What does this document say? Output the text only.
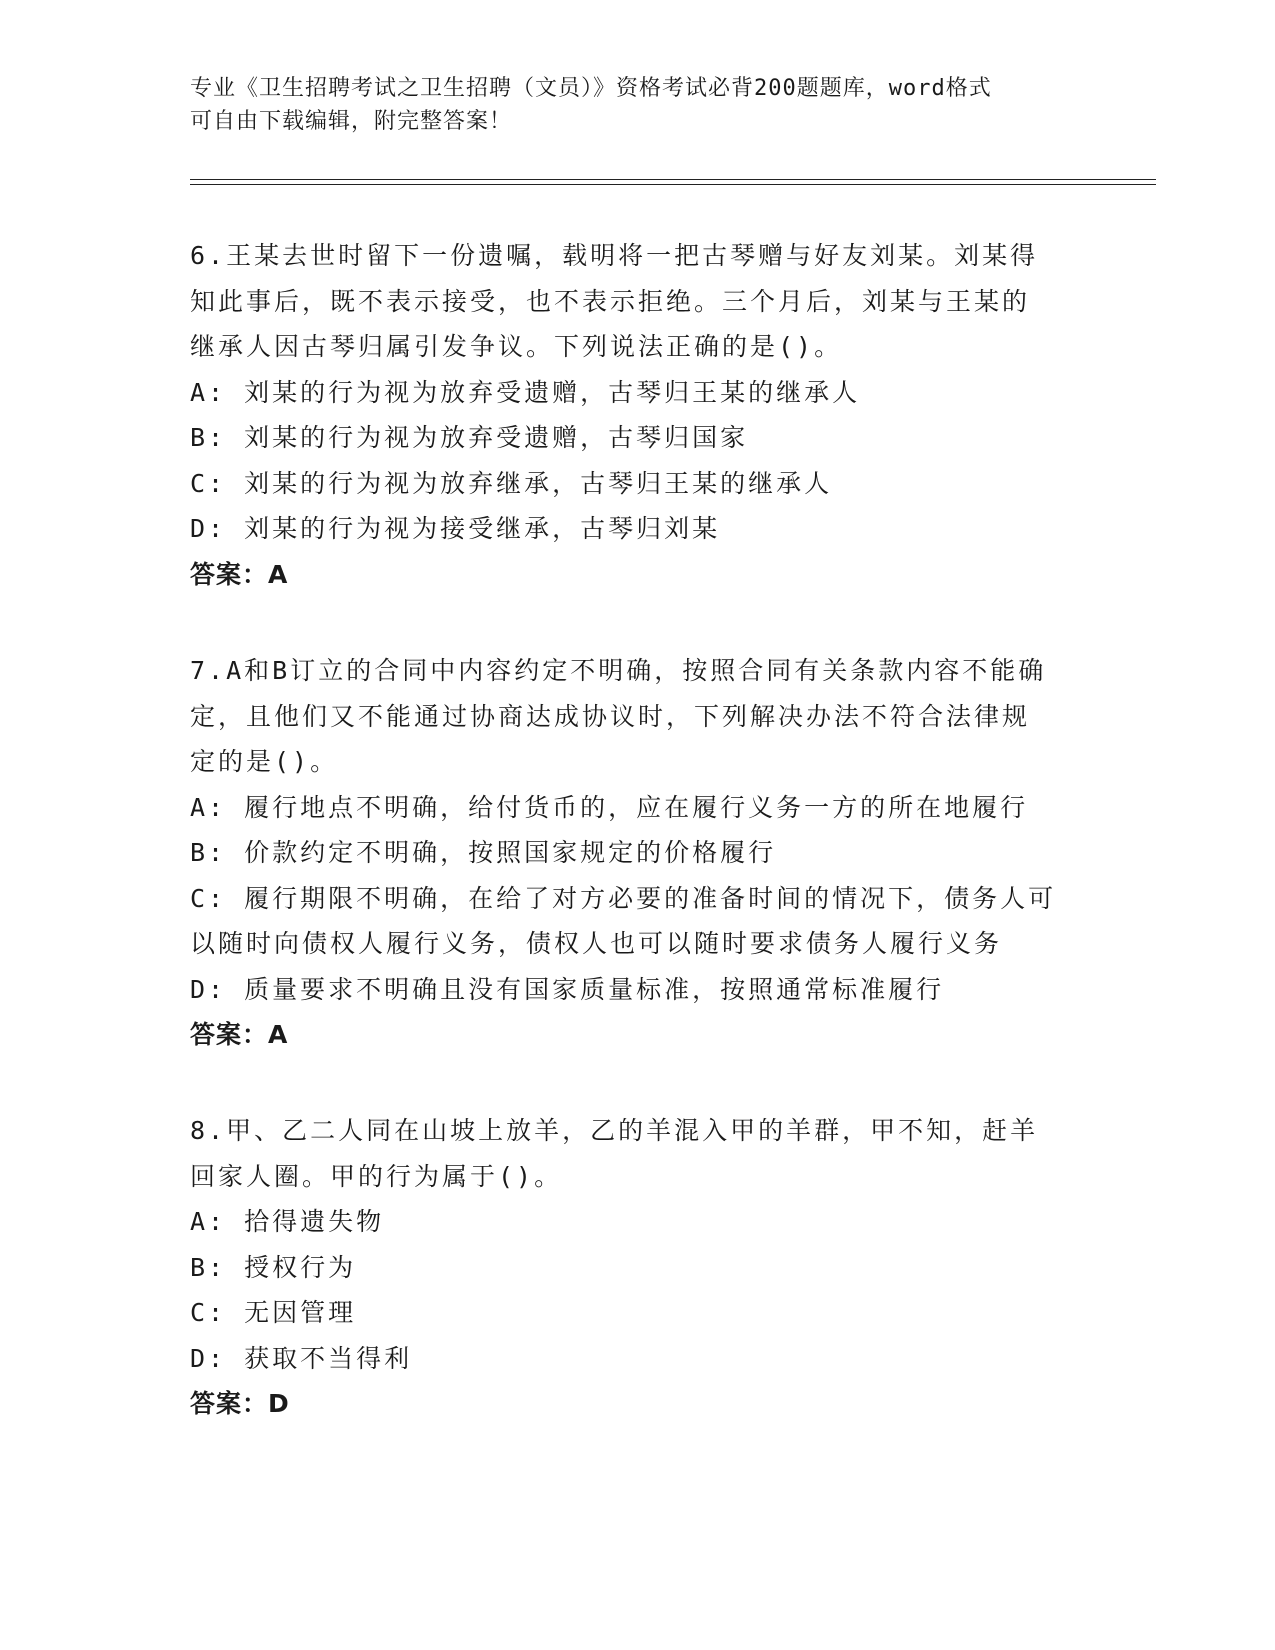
专业《卫生招聘考试之卫生招聘（文员）》资格考试必背200题题库，word格式
可自由下载编辑，附完整答案！
6.王某去世时留下一份遗嘱，载明将一把古琴赠与好友刘某。刘某得
知此事后，既不表示接受，也不表示拒绝。三个月后，刘某与王某的
继承人因古琴归属引发争议。下列说法正确的是()。
A: 刘某的行为视为放弃受遗赠，古琴归王某的继承人
B: 刘某的行为视为放弃受遗赠，古琴归国家
C: 刘某的行为视为放弃继承，古琴归王某的继承人
D: 刘某的行为视为接受继承，古琴归刘某
答案：A
7.A和B订立的合同中内容约定不明确，按照合同有关条款内容不能确
定，且他们又不能通过协商达成协议时，下列解决办法不符合法律规
定的是()。
A: 履行地点不明确，给付货币的，应在履行义务一方的所在地履行
B: 价款约定不明确，按照国家规定的价格履行
C: 履行期限不明确，在给了对方必要的准备时间的情况下，债务人可
以随时向债权人履行义务，债权人也可以随时要求债务人履行义务
D: 质量要求不明确且没有国家质量标准，按照通常标准履行
答案：A
8.甲、乙二人同在山坡上放羊，乙的羊混入甲的羊群，甲不知，赶羊
回家人圈。甲的行为属于()。
A: 拾得遗失物
B: 授权行为
C: 无因管理
D: 获取不当得利
答案：D
